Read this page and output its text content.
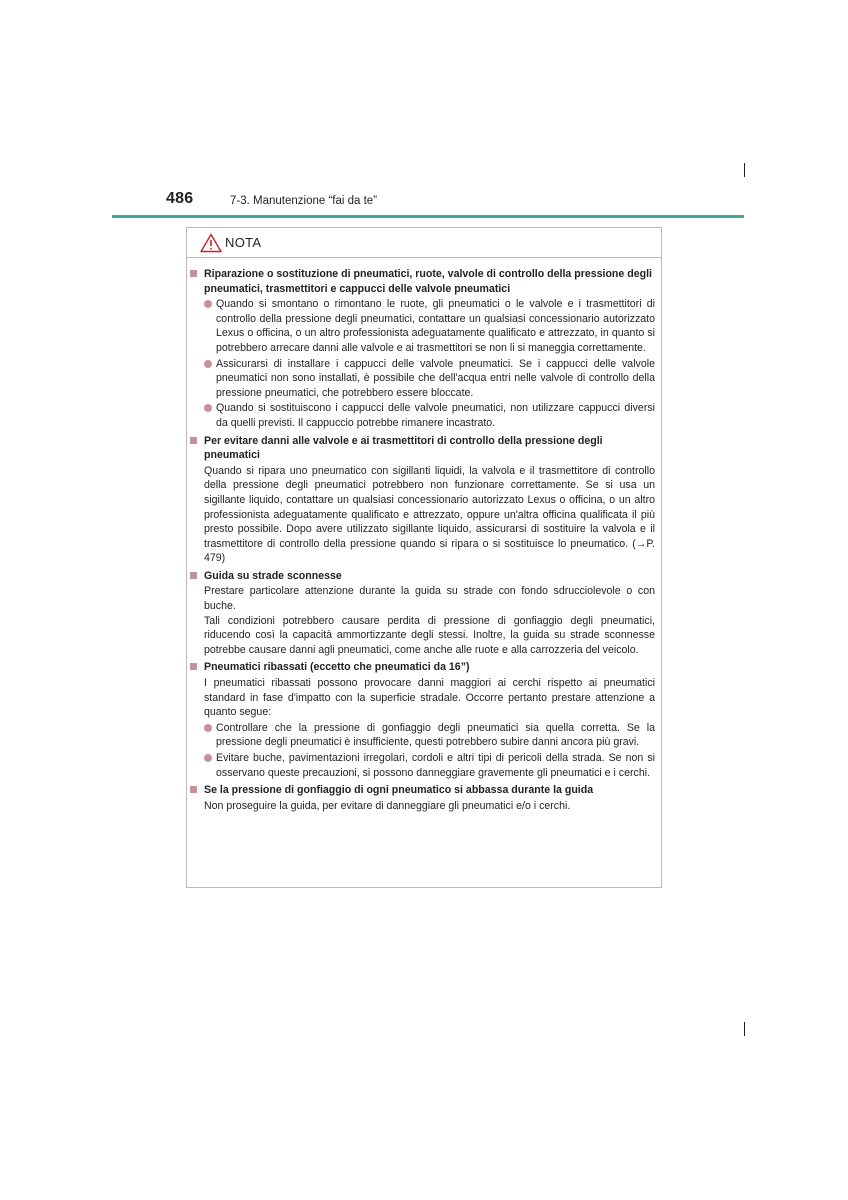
486	7-3. Manutenzione “fai da te”
NOTA
Riparazione o sostituzione di pneumatici, ruote, valvole di controllo della pressione degli pneumatici, trasmettitori e cappucci delle valvole pneumatici
Quando si smontano o rimontano le ruote, gli pneumatici o le valvole e i trasmettitori di controllo della pressione degli pneumatici, contattare un qualsiasi concessionario autorizzato Lexus o officina, o un altro professionista adeguatamente qualificato e attrezzato, in quanto si potrebbero arrecare danni alle valvole e ai trasmettitori se non li si maneggia correttamente.
Assicurarsi di installare i cappucci delle valvole pneumatici. Se i cappucci delle valvole pneumatici non sono installati, è possibile che dell'acqua entri nelle valvole di controllo della pressione pneumatici, che potrebbero essere bloccate.
Quando si sostituiscono i cappucci delle valvole pneumatici, non utilizzare cappucci diversi da quelli previsti. Il cappuccio potrebbe rimanere incastrato.
Per evitare danni alle valvole e ai trasmettitori di controllo della pressione degli pneumatici
Quando si ripara uno pneumatico con sigillanti liquidi, la valvola e il trasmettitore di controllo della pressione degli pneumatici potrebbero non funzionare correttamente. Se si usa un sigillante liquido, contattare un qualsiasi concessionario autorizzato Lexus o officina, o un altro professionista adeguatamente qualificato e attrezzato, oppure un'altra officina qualificata il più presto possibile. Dopo avere utilizzato sigillante liquido, assicurarsi di sostituire la valvola e il trasmettitore di controllo della pressione quando si ripara o si sostituisce lo pneumatico. (→P. 479)
Guida su strade sconnesse
Prestare particolare attenzione durante la guida su strade con fondo sdrucciolevole o con buche.
Tali condizioni potrebbero causare perdita di pressione di gonfiaggio degli pneumatici, riducendo così la capacità ammortizzante degli stessi. Inoltre, la guida su strade sconnesse potrebbe causare danni agli pneumatici, come anche alle ruote e alla carrozzeria del veicolo.
Pneumatici ribassati (eccetto che pneumatici da 16”)
I pneumatici ribassati possono provocare danni maggiori ai cerchi rispetto ai pneumatici standard in fase d'impatto con la superficie stradale. Occorre pertanto prestare attenzione a quanto segue:
Controllare che la pressione di gonfiaggio degli pneumatici sia quella corretta. Se la pressione degli pneumatici è insufficiente, questi potrebbero subire danni ancora più gravi.
Evitare buche, pavimentazioni irregolari, cordoli e altri tipi di pericoli della strada. Se non si osservano queste precauzioni, si possono danneggiare gravemente gli pneumatici e i cerchi.
Se la pressione di gonfiaggio di ogni pneumatico si abbassa durante la guida
Non proseguire la guida, per evitare di danneggiare gli pneumatici e/o i cerchi.
